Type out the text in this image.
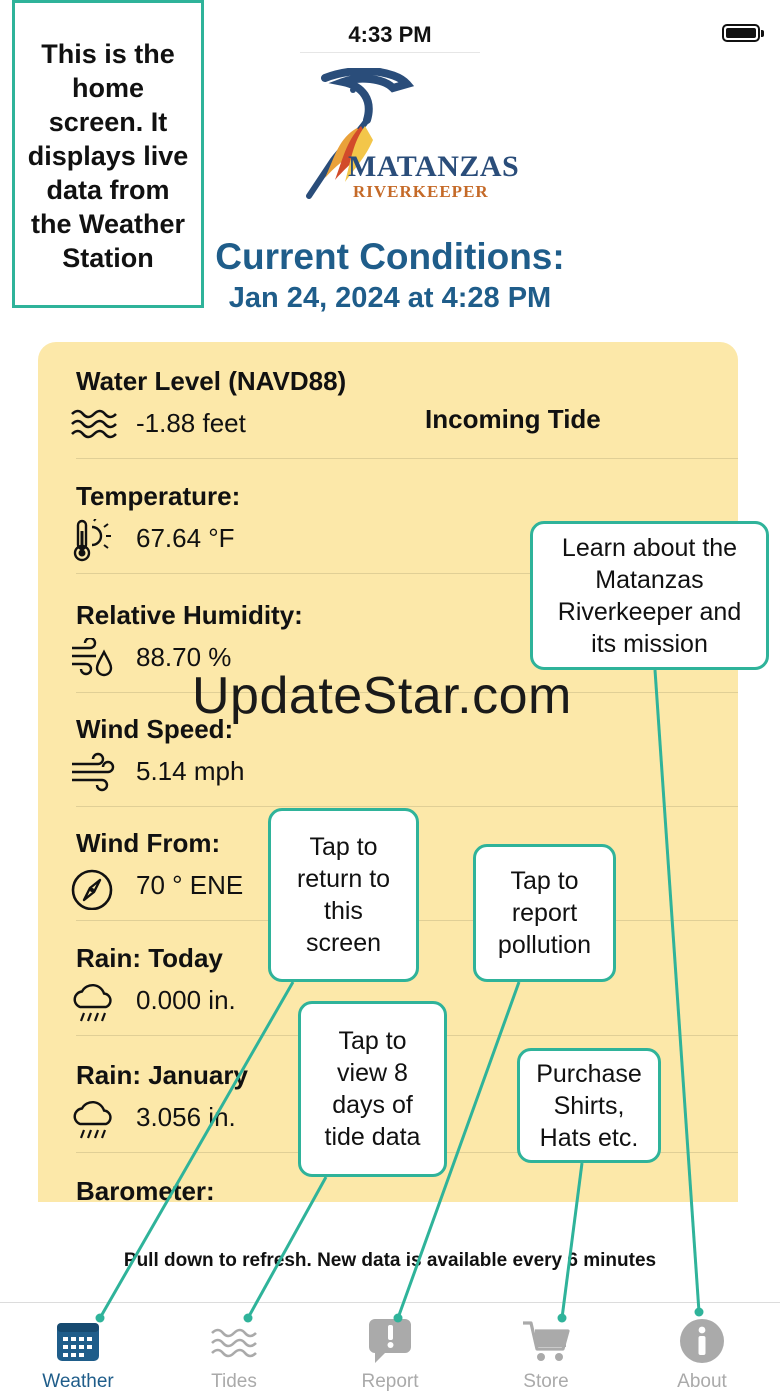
4:33 PM
MATANZAS
RIVERKEEPER
Current Conditions:
Jan 24, 2024 at 4:28 PM
Water Level (NAVD88)
-1.88 feet	Incoming Tide
Temperature:
67.64 °F
Relative Humidity:
88.70 %
Wind Speed:
5.14 mph
Wind From:
70 ° ENE
Rain: Today
0.000 in.
Rain: January
3.056 in.
Barometer:
Pull down to refresh. New data is available every 6 minutes
Weather	Tides	Report	Store	About
This is the
home
screen. It
displays live
data from
the Weather
Station
Learn about the
Matanzas
Riverkeeper and
its mission
Tap to
return to
this
screen
Tap to
report
pollution
Tap to
view 8
days of
tide data
Purchase
Shirts,
Hats etc.
UpdateStar.com
